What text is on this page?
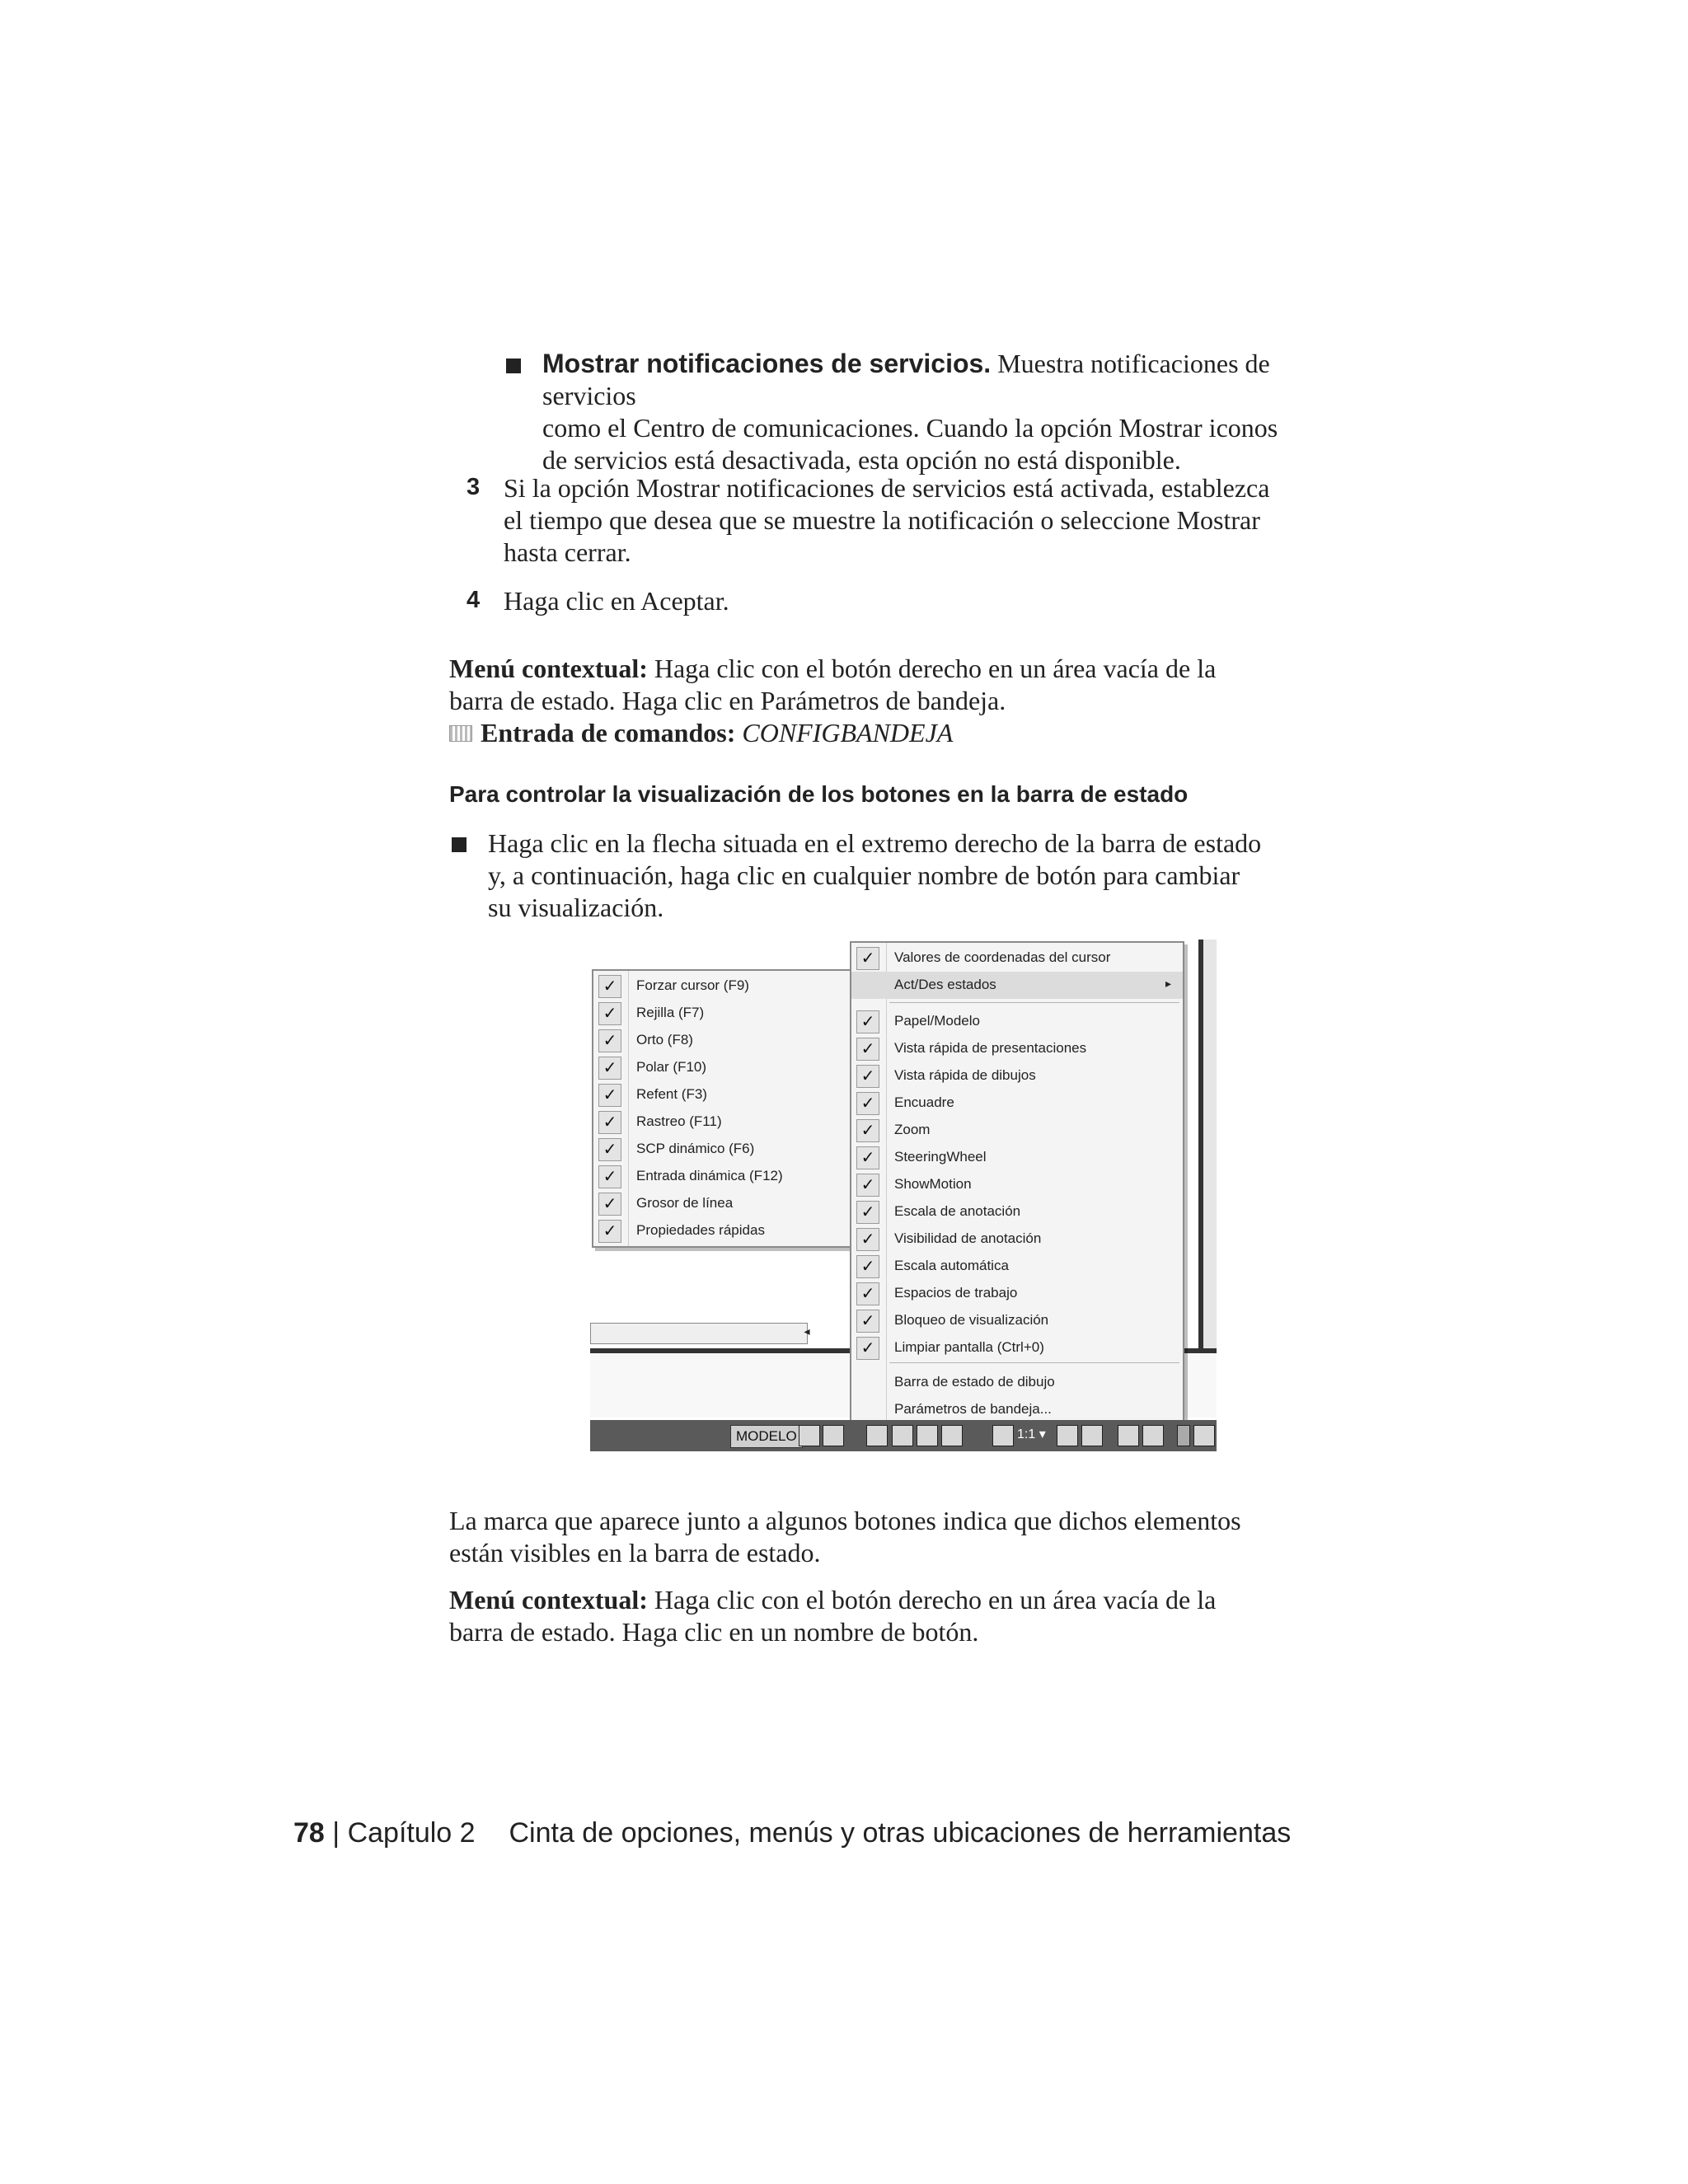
Mostrar notificaciones de servicios. Muestra notificaciones de servicios

como el Centro de comunicaciones. Cuando la opción Mostrar iconos

de servicios está desactivada, esta opción no está disponible.

3 Si la opción Mostrar notificaciones de servicios está activada, establezca

el tiempo que desea que se muestre la notificación o seleccione Mostrar

hasta cerrar.

4 Haga clic en Aceptar.

Menú contextual: Haga clic con el botón derecho en un área vacía de la

barra de estado. Haga clic en Parámetros de bandeja.

Entrada de comandos: CONFIGBANDEJA

Para controlar la visualización de los botones en la barra de estado

Haga clic en la flecha situada en el extremo derecho de la barra de estado

y, a continuación, haga clic en cualquier nombre de botón para cambiar

su visualización.

◂
✓	Forzar cursor (F9)
✓	Rejilla (F7)
✓	Orto (F8)
✓	Polar (F10)
✓	Refent (F3)
✓	Rastreo (F11)
✓	SCP dinámico (F6)
✓	Entrada dinámica (F12)
✓	Grosor de línea
✓	Propiedades rápidas
✓	Valores de coordenadas del cursor
Act/Des estados	▸
✓	Papel/Modelo
✓	Vista rápida de presentaciones
✓	Vista rápida de dibujos
✓	Encuadre
✓	Zoom
✓	SteeringWheel
✓	ShowMotion
✓	Escala de anotación
✓	Visibilidad de anotación
✓	Escala automática
✓	Espacios de trabajo
✓	Bloqueo de visualización
✓	Limpiar pantalla (Ctrl+0)
Barra de estado de dibujo
Parámetros de bandeja...
MODELO	1:1 ▾

La marca que aparece junto a algunos botones indica que dichos elementos

están visibles en la barra de estado.

Menú contextual: Haga clic con el botón derecho en un área vacía de la

barra de estado. Haga clic en un nombre de botón.

78 | Capítulo 2 Cinta de opciones, menús y otras ubicaciones de herramientas
